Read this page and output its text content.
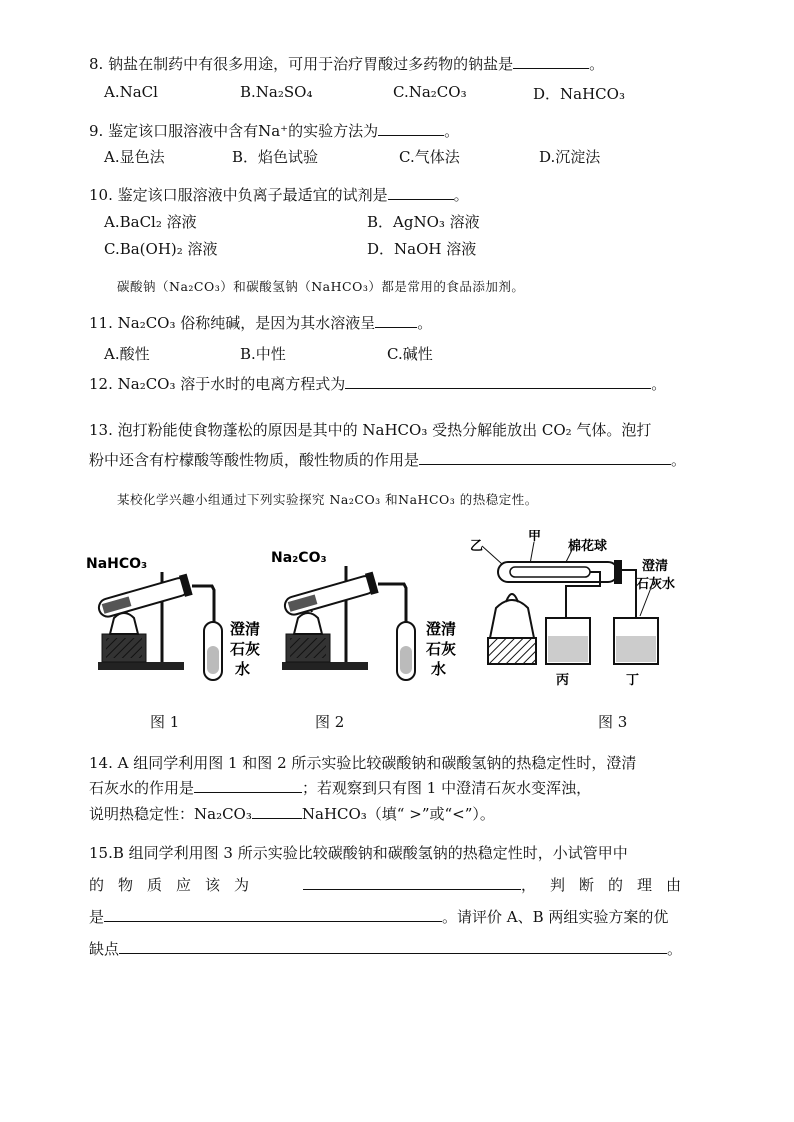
8. 钠盐在制药中有很多用途，可用于治疗胃酸过多药物的钠盐是	。
A.NaCl	B.Na₂SO₄	C.Na₂CO₃	D．NaHCO₃
9. 鉴定该口服溶液中含有Na⁺的实验方法为	。
A.显色法	B．焰色试验	C.气体法	D.沉淀法
10. 鉴定该口服溶液中负离子最适宜的试剂是	。
A.BaCl₂ 溶液	B．AgNO₃ 溶液
C.Ba(OH)₂ 溶液	D．NaOH 溶液
碳酸钠（Na₂CO₃）和碳酸氢钠（NaHCO₃）都是常用的食品添加剂。
11. Na₂CO₃ 俗称纯碱，是因为其水溶液呈	。
A.酸性	B.中性	C.碱性
12. Na₂CO₃ 溶于水时的电离方程式为	。
13. 泡打粉能使食物蓬松的原因是其中的 NaHCO₃ 受热分解能放出 CO₂ 气体。泡打
粉中还含有柠檬酸等酸性物质，酸性物质的作用是	。
某校化学兴趣小组通过下列实验探究 Na₂CO₃ 和NaHCO₃ 的热稳定性。
NaHCO₃
澄清
石灰
水
Na₂CO₃
澄清
石灰
水
乙
甲
棉花球
澄清
石灰水
丙	丁
图 1	图 2	图 3
14. A 组同学利用图 1 和图 2 所示实验比较碳酸钠和碳酸氢钠的热稳定性时，澄清
石灰水的作用是	；若观察到只有图 1 中澄清石灰水变浑浊，
说明热稳定性：Na₂CO₃	NaHCO₃（填“ >”或“<”）。
15.B 组同学利用图 3 所示实验比较碳酸钠和碳酸氢钠的热稳定性时，小试管甲中
的物质应该为	，判断的理由
是	。请评价 A、B 两组实验方案的优
缺点	。
